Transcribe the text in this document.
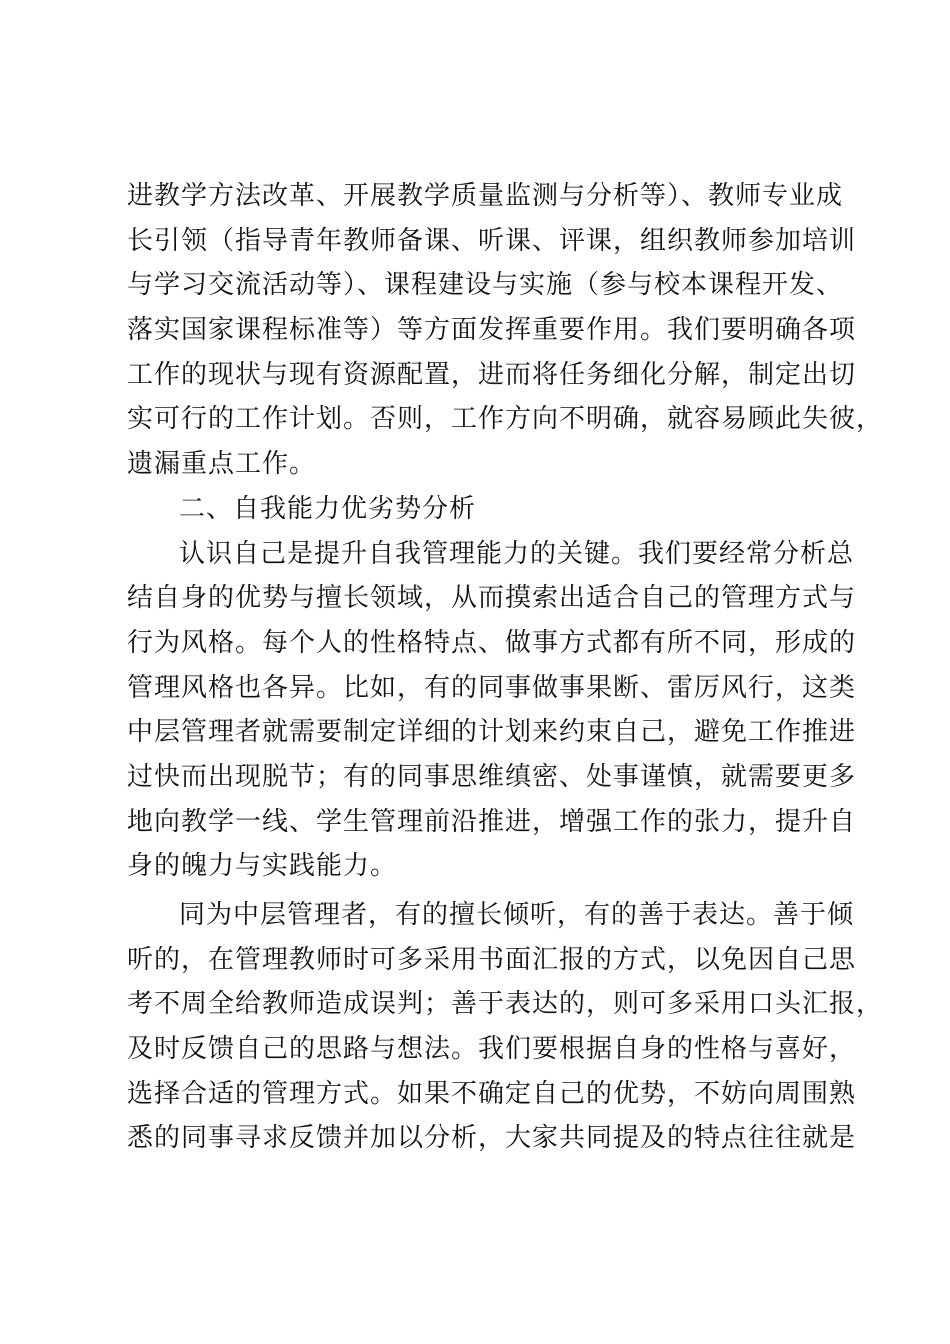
进教学方法改革、开展教学质量监测与分析等）、教师专业成
长引领（指导青年教师备课、听课、评课，组织教师参加培训
与学习交流活动等）、课程建设与实施（参与校本课程开发、
落实国家课程标准等）等方面发挥重要作用。我们要明确各项
工作的现状与现有资源配置，进而将任务细化分解，制定出切
实可行的工作计划。否则，工作方向不明确，就容易顾此失彼，
遗漏重点工作。
二、自我能力优劣势分析
认识自己是提升自我管理能力的关键。我们要经常分析总
结自身的优势与擅长领域，从而摸索出适合自己的管理方式与
行为风格。每个人的性格特点、做事方式都有所不同，形成的
管理风格也各异。比如，有的同事做事果断、雷厉风行，这类
中层管理者就需要制定详细的计划来约束自己，避免工作推进
过快而出现脱节；有的同事思维缜密、处事谨慎，就需要更多
地向教学一线、学生管理前沿推进，增强工作的张力，提升自
身的魄力与实践能力。
同为中层管理者，有的擅长倾听，有的善于表达。善于倾
听的，在管理教师时可多采用书面汇报的方式，以免因自己思
考不周全给教师造成误判；善于表达的，则可多采用口头汇报，
及时反馈自己的思路与想法。我们要根据自身的性格与喜好，
选择合适的管理方式。如果不确定自己的优势，不妨向周围熟
悉的同事寻求反馈并加以分析，大家共同提及的特点往往就是
